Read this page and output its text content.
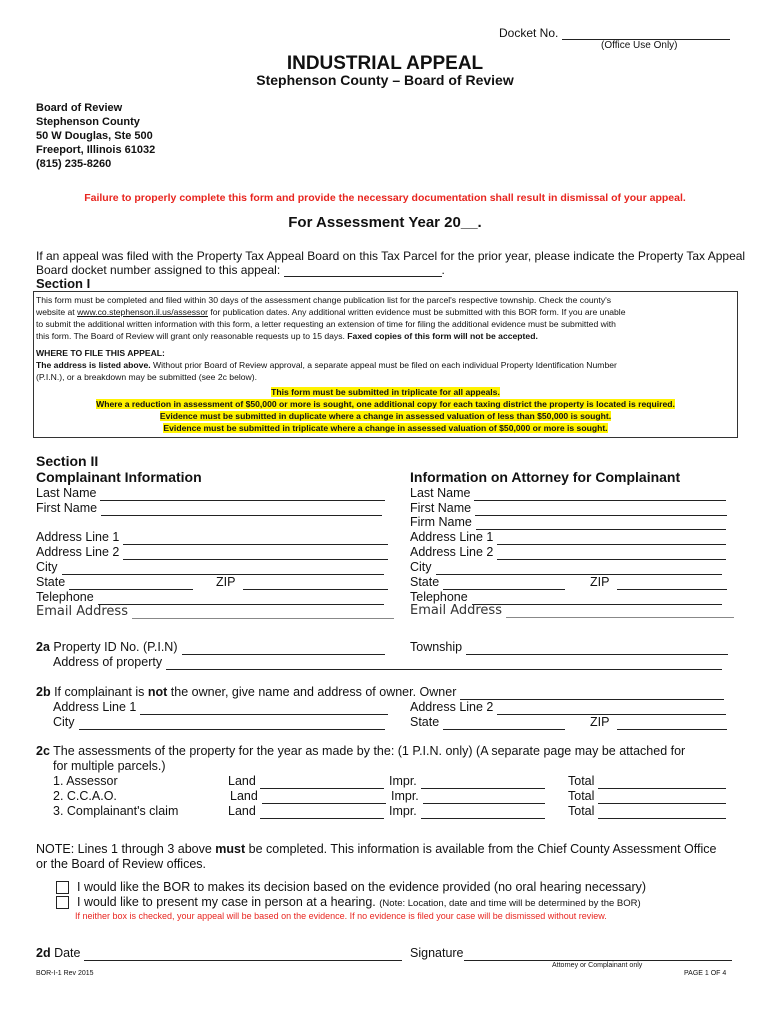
Docket No.
(Office Use Only)
INDUSTRIAL APPEAL
Stephenson County – Board of Review
Board of Review
Stephenson County
50 W Douglas, Ste 500
Freeport, Illinois 61032
(815) 235-8260
Failure to properly complete this form and provide the necessary documentation shall result in dismissal of your appeal.
For Assessment Year 20__.
If an appeal was filed with the Property Tax Appeal Board on this Tax Parcel for the prior year, please indicate the Property Tax Appeal
Board docket number assigned to this appeal:	.
Section I
This form must be completed and filed within 30 days of the assessment change publication list for the parcel's respective township. Check the county's
website at www.co.stephenson.il.us/assessor for publication dates. Any additional written evidence must be submitted with this BOR form. If you are unable
to submit the additional written information with this form, a letter requesting an extension of time for filing the additional evidence must be submitted with
this form. The Board of Review will grant only reasonable requests up to 15 days. Faxed copies of this form will not be accepted.
WHERE TO FILE THIS APPEAL:
The address is listed above. Without prior Board of Review approval, a separate appeal must be filed on each individual Property Identification Number
(P.I.N.), or a breakdown may be submitted (see 2c below).
This form must be submitted in triplicate for all appeals.
Where a reduction in assessment of $50,000 or more is sought, one additional copy for each taxing district the property is located is required.
Evidence must be submitted in duplicate where a change in assessed valuation of less than $50,000 is sought.
Evidence must be submitted in triplicate where a change in assessed valuation of $50,000 or more is sought.
Section II
Complainant Information	Information on Attorney for Complainant
Last Name
First Name
Address Line 1
Address Line 2
City
State	ZIP
Telephone
Email Address
Last Name
First Name
Firm Name
Address Line 1
Address Line 2
City
State	ZIP
Telephone
Email Address
2a Property ID No. (P.I.N)	Township
Address of property
2b If complainant is not the owner, give name and address of owner. Owner
Address Line 1	Address Line 2
City	State	ZIP
2c The assessments of the property for the year as made by the: (1 P.I.N. only) (A separate page may be attached for
for multiple parcels.)
1. Assessor	Land	Impr.	Total
2. C.C.A.O.	Land	Impr.	Total
3. Complainant's claim	Land	Impr.	Total
NOTE: Lines 1 through 3 above must be completed. This information is available from the Chief County Assessment Office
or the Board of Review offices.
I would like the BOR to makes its decision based on the evidence provided (no oral hearing necessary)
I would like to present my case in person at a hearing. (Note: Location, date and time will be determined by the BOR)
If neither box is checked, your appeal will be based on the evidence. If no evidence is filed your case will be dismissed without review.
2d Date	Signature
Attorney or Complainant only
BOR-I-1 Rev 2015	PAGE 1 OF 4
